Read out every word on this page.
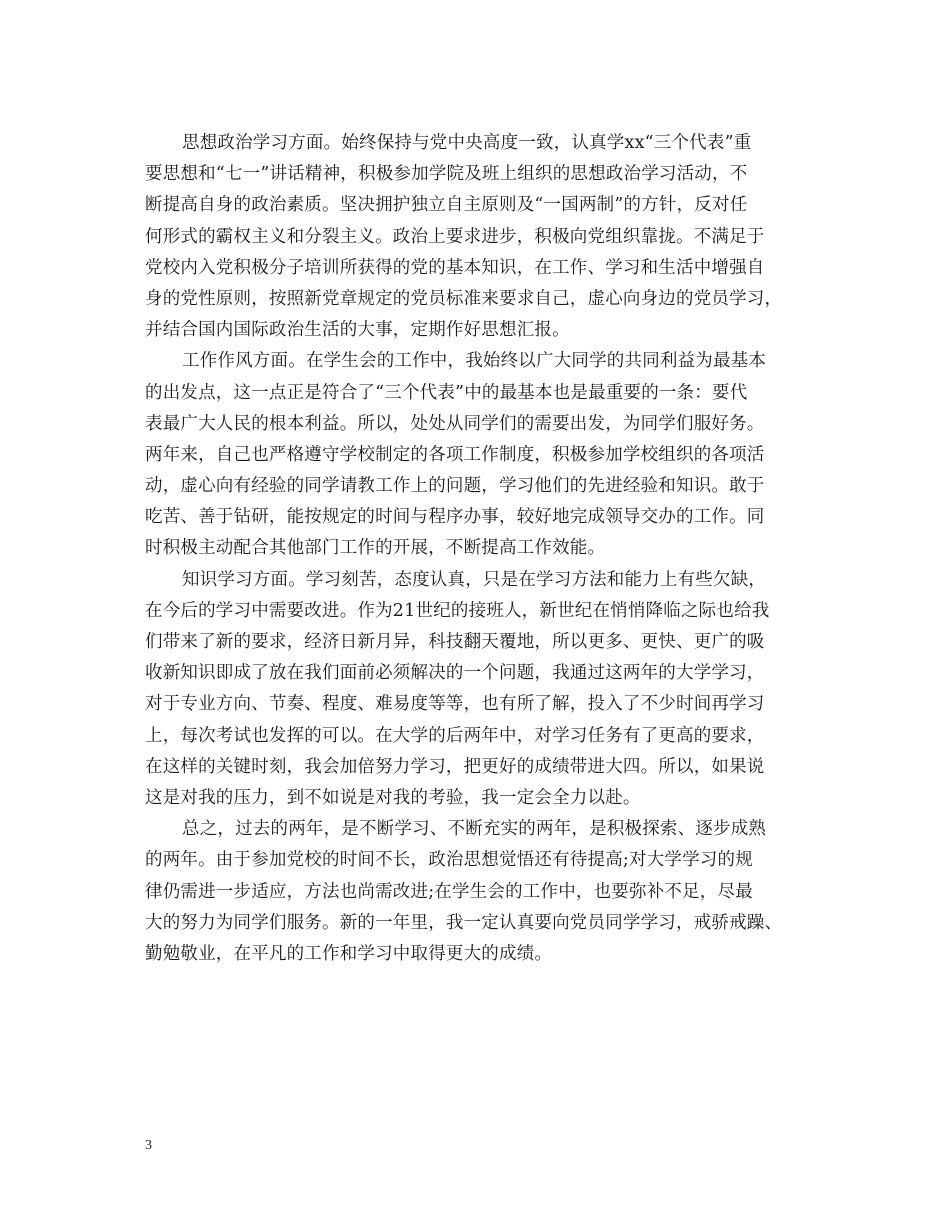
思想政治学习方面。始终保持与党中央高度一致，认真学xx“三个代表”重
要思想和“七一”讲话精神，积极参加学院及班上组织的思想政治学习活动，不
断提高自身的政治素质。坚决拥护独立自主原则及“一国两制”的方针，反对任
何形式的霸权主义和分裂主义。政治上要求进步，积极向党组织靠拢。不满足于
党校内入党积极分子培训所获得的党的基本知识，在工作、学习和生活中增强自
身的党性原则，按照新党章规定的党员标准来要求自己，虚心向身边的党员学习，
并结合国内国际政治生活的大事，定期作好思想汇报。
工作作风方面。在学生会的工作中，我始终以广大同学的共同利益为最基本
的出发点，这一点正是符合了“三个代表”中的最基本也是最重要的一条：要代
表最广大人民的根本利益。所以，处处从同学们的需要出发，为同学们服好务。
两年来，自己也严格遵守学校制定的各项工作制度，积极参加学校组织的各项活
动，虚心向有经验的同学请教工作上的问题，学习他们的先进经验和知识。敢于
吃苦、善于钻研，能按规定的时间与程序办事，较好地完成领导交办的工作。同
时积极主动配合其他部门工作的开展，不断提高工作效能。
知识学习方面。学习刻苦，态度认真，只是在学习方法和能力上有些欠缺，
在今后的学习中需要改进。作为21世纪的接班人，新世纪在悄悄降临之际也给我
们带来了新的要求，经济日新月异，科技翻天覆地，所以更多、更快、更广的吸
收新知识即成了放在我们面前必须解决的一个问题，我通过这两年的大学学习，
对于专业方向、节奏、程度、难易度等等，也有所了解，投入了不少时间再学习
上，每次考试也发挥的可以。在大学的后两年中，对学习任务有了更高的要求，
在这样的关键时刻，我会加倍努力学习，把更好的成绩带进大四。所以，如果说
这是对我的压力，到不如说是对我的考验，我一定会全力以赴。
总之，过去的两年，是不断学习、不断充实的两年，是积极探索、逐步成熟
的两年。由于参加党校的时间不长，政治思想觉悟还有待提高;对大学学习的规
律仍需进一步适应，方法也尚需改进;在学生会的工作中，也要弥补不足，尽最
大的努力为同学们服务。新的一年里，我一定认真要向党员同学学习，戒骄戒躁、
勤勉敬业，在平凡的工作和学习中取得更大的成绩。
3
